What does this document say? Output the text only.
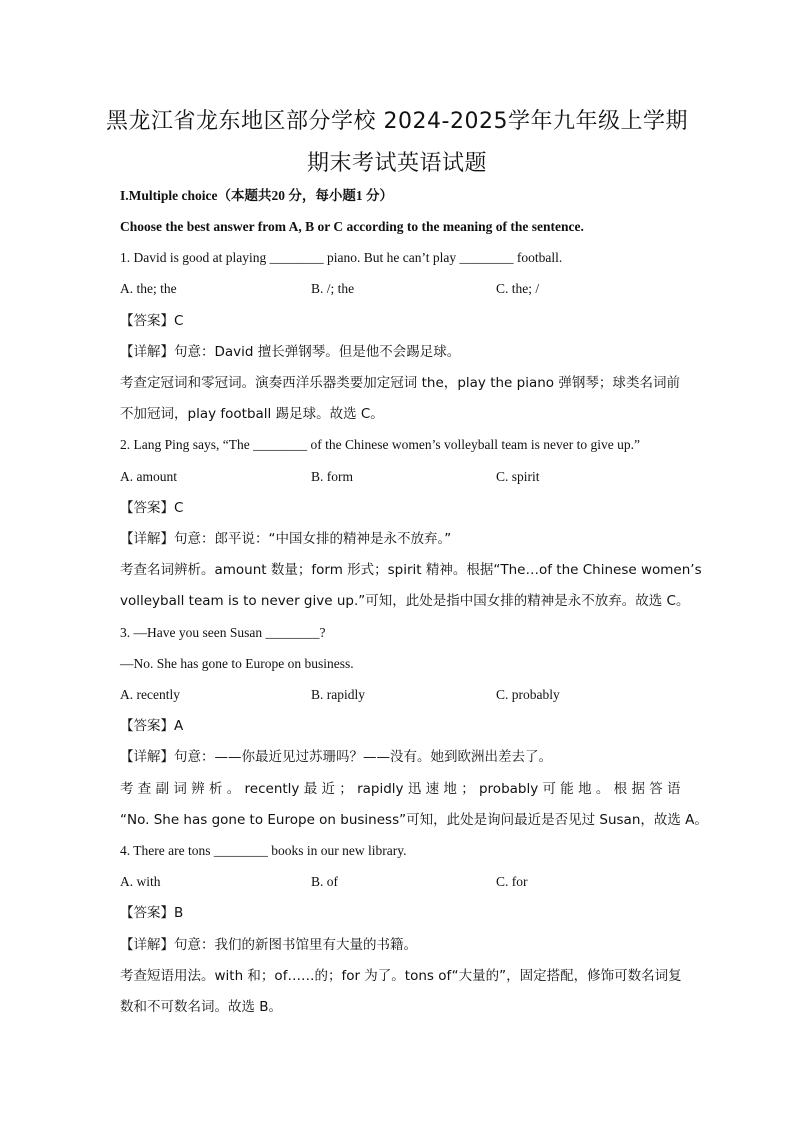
黑龙江省龙东地区部分学校 2024-2025学年九年级上学期
期末考试英语试题
I.Multiple choice（本题共20 分，每小题1 分）
Choose the best answer from A, B or C according to the meaning of the sentence.
1. David is good at playing ________ piano. But he can’t play ________ football.
A. the; the	B. /; the	C. the; /
【答案】C
【详解】句意：David 擅长弹钢琴。但是他不会踢足球。
考查定冠词和零冠词。演奏西洋乐器类要加定冠词 the，play the piano 弹钢琴；球类名词前
不加冠词，play football 踢足球。故选 C。
2. Lang Ping says, “The ________ of the Chinese women’s volleyball team is never to give up.”
A. amount	B. form	C. spirit
【答案】C
【详解】句意：郎平说：“中国女排的精神是永不放弃。”
考查名词辨析。amount 数量；form 形式；spirit 精神。根据“The…of the Chinese women’s
volleyball team is to never give up.”可知，此处是指中国女排的精神是永不放弃。故选 C。
3. —Have you seen Susan ________?
—No. She has gone to Europe on business.
A. recently	B. rapidly	C. probably
【答案】A
【详解】句意：——你最近见过苏珊吗？——没有。她到欧洲出差去了。
考 查 副 词 辨 析 。 recently 最 近 ； rapidly 迅 速 地 ； probably 可 能 地 。 根 据 答 语
“No. She has gone to Europe on business”可知，此处是询问最近是否见过 Susan，故选 A。
4. There are tons ________ books in our new library.
A. with	B. of	C. for
【答案】B
【详解】句意：我们的新图书馆里有大量的书籍。
考查短语用法。with 和；of……的；for 为了。tons of“大量的”，固定搭配，修饰可数名词复
数和不可数名词。故选 B。
